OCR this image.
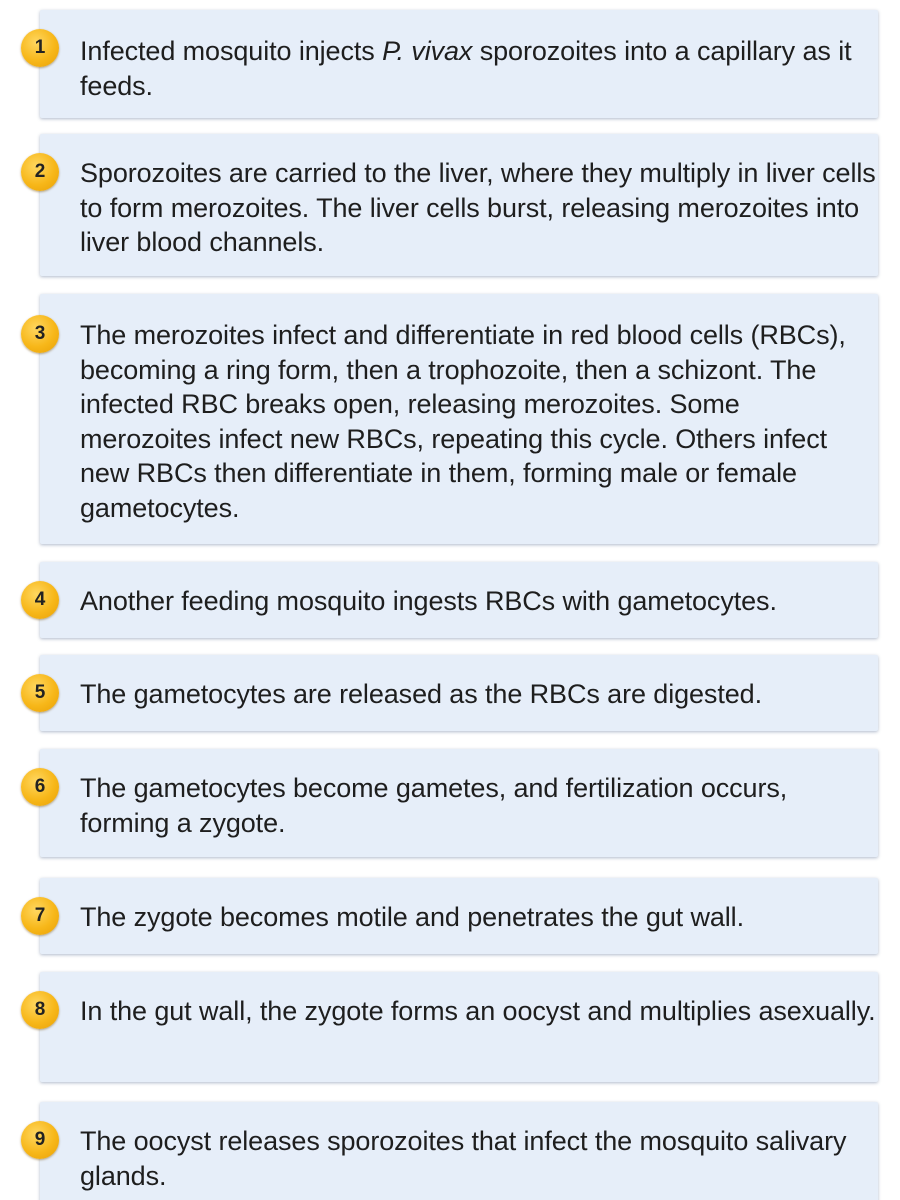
1	Infected mosquito injects P. vivax sporozoites into a capillary as it feeds.

2	Sporozoites are carried to the liver, where they multiply in liver cells to form merozoites. The liver cells burst, releasing merozoites into liver blood channels.

3	The merozoites infect and differentiate in red blood cells (RBCs), becoming a ring form, then a trophozoite, then a schizont. The infected RBC breaks open, releasing merozoites. Some merozoites infect new RBCs, repeating this cycle. Others infect new RBCs then differentiate in them, forming male or female gametocytes.

4	Another feeding mosquito ingests RBCs with gametocytes.

5	The gametocytes are released as the RBCs are digested.

6	The gametocytes become gametes, and fertilization occurs, forming a zygote.

7	The zygote becomes motile and penetrates the gut wall.

8	In the gut wall, the zygote forms an oocyst and multiplies asexually.

9	The oocyst releases sporozoites that infect the mosquito salivary glands.
